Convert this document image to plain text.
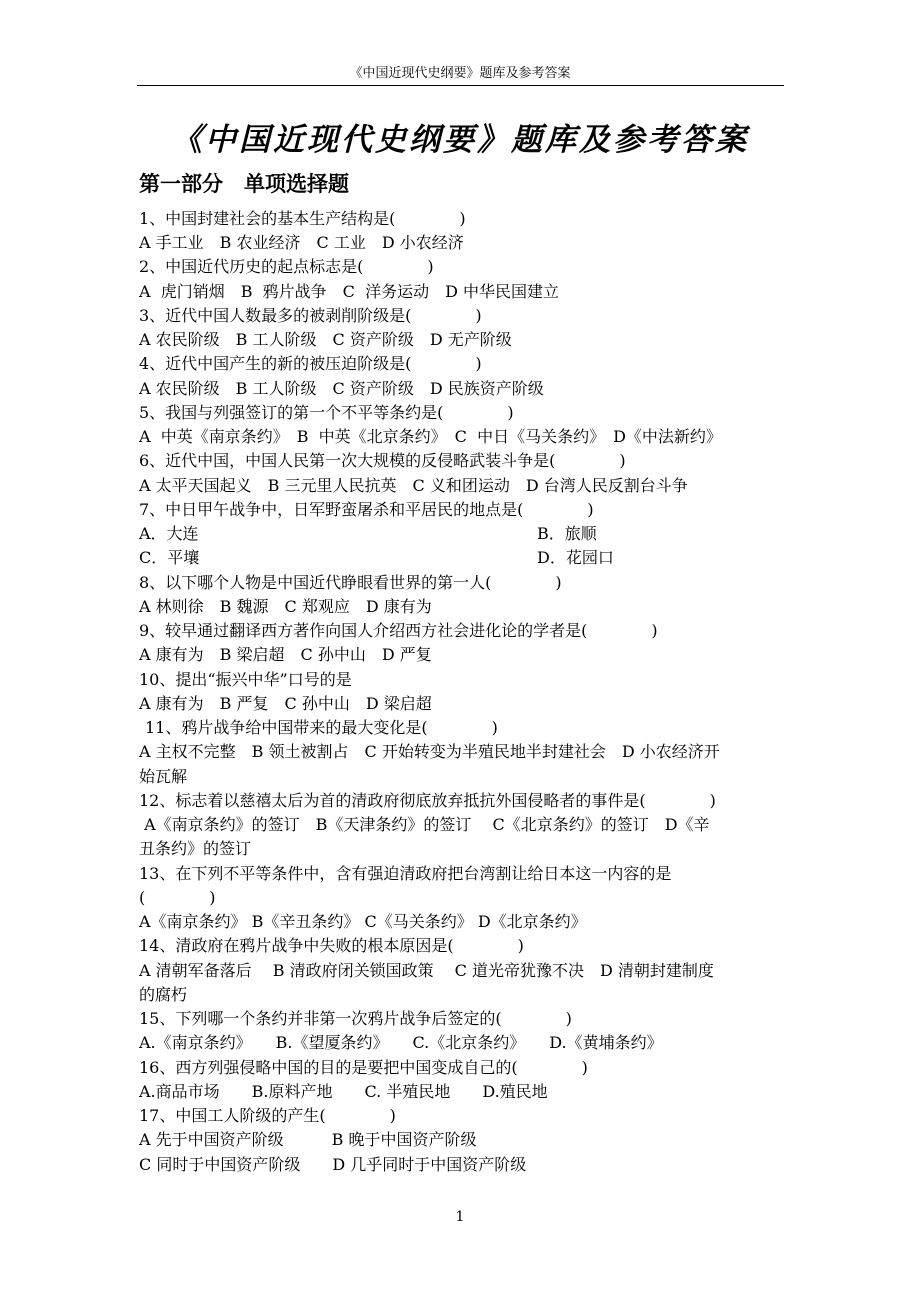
《中国近现代史纲要》题库及参考答案
《中国近现代史纲要》题库及参考答案
第一部分　单项选择题
1、中国封建社会的基本生产结构是(　　　　)
A 手工业　B 农业经济　C 工业　D 小农经济
2、中国近代历史的起点标志是(　　　　)
A  虎门销烟　B  鸦片战争　C  洋务运动　D 中华民国建立
3、近代中国人数最多的被剥削阶级是(　　　　)
A 农民阶级　B 工人阶级　C 资产阶级　D 无产阶级
4、近代中国产生的新的被压迫阶级是(　　　　)
A 农民阶级　B 工人阶级　C 资产阶级　D 民族资产阶级
5、我国与列强签订的第一个不平等条约是(　　　　)
A  中英《南京条约》　B  中英《北京条约》　C  中日《马关条约》　D《中法新约》
6、近代中国，中国人民第一次大规模的反侵略武装斗争是(　　　　)
A 太平天国起义　B 三元里人民抗英　C 义和团运动　D 台湾人民反割台斗争
7、中日甲午战争中，日军野蛮屠杀和平居民的地点是(　　　　)
A．大连	B．旅顺
C．平壤	D．花园口
8、以下哪个人物是中国近代睁眼看世界的第一人(　　　　)
A 林则徐　B 魏源　C 郑观应　D 康有为
9、较早通过翻译西方著作向国人介绍西方社会进化论的学者是(　　　　)
A 康有为　B 梁启超　C 孙中山　D 严复
10、提出“振兴中华”口号的是
A 康有为　B 严复　C 孙中山　D 梁启超
11、鸦片战争给中国带来的最大变化是(　　　　)
A 主权不完整　B 领土被割占　C 开始转变为半殖民地半封建社会　D 小农经济开
始瓦解
12、标志着以慈禧太后为首的清政府彻底放弃抵抗外国侵略者的事件是(　　　　)
A《南京条约》的签订　B《天津条约》的签订　 C《北京条约》的签订　D《辛
丑条约》的签订
13、在下列不平等条件中，含有强迫清政府把台湾割让给日本这一内容的是
(　　　　)
A《南京条约》 B《辛丑条约》 C《马关条约》 D《北京条约》
14、清政府在鸦片战争中失败的根本原因是(　　　　)
A 清朝军备落后　 B 清政府闭关锁国政策　 C 道光帝犹豫不决　D 清朝封建制度
的腐朽
15、下列哪一个条约并非第一次鸦片战争后签定的(　　　　)
A.《南京条约》　　B.《望厦条约》　　C.《北京条约》　　D.《黄埔条约》
16、西方列强侵略中国的目的是要把中国变成自己的(　　　　)
A.商品市场　　B.原料产地　　C. 半殖民地　　D.殖民地
17、中国工人阶级的产生(　　　　)
A 先于中国资产阶级　　　B 晚于中国资产阶级
C 同时于中国资产阶级　　D 几乎同时于中国资产阶级
1
